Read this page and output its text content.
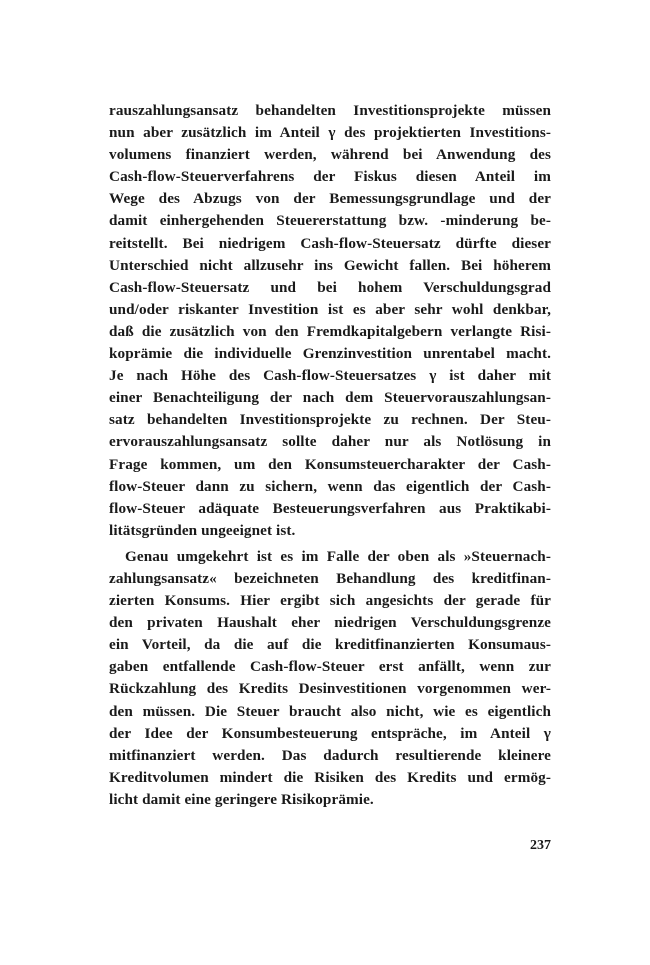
rauszahlungsansatz behandelten Investitionsprojekte müssen
nun aber zusätzlich im Anteil γ des projektierten Investitions-
volumens finanziert werden, während bei Anwendung des
Cash-flow-Steuerverfahrens der Fiskus diesen Anteil im
Wege des Abzugs von der Bemessungsgrundlage und der
damit einhergehenden Steuererstattung bzw. -minderung be-
reitstellt. Bei niedrigem Cash-flow-Steuersatz dürfte dieser
Unterschied nicht allzusehr ins Gewicht fallen. Bei höherem
Cash-flow-Steuersatz und bei hohem Verschuldungsgrad
und/oder riskanter Investition ist es aber sehr wohl denkbar,
daß die zusätzlich von den Fremdkapitalgebern verlangte Risi-
koprämie die individuelle Grenzinvestition unrentabel macht.
Je nach Höhe des Cash-flow-Steuersatzes γ ist daher mit
einer Benachteiligung der nach dem Steuervorauszahlungsan-
satz behandelten Investitionsprojekte zu rechnen. Der Steu-
ervorauszahlungsansatz sollte daher nur als Notlösung in
Frage kommen, um den Konsumsteuercharakter der Cash-
flow-Steuer dann zu sichern, wenn das eigentlich der Cash-
flow-Steuer adäquate Besteuerungsverfahren aus Praktikabi-
litätsgründen ungeeignet ist.
Genau umgekehrt ist es im Falle der oben als »Steuernach-
zahlungsansatz« bezeichneten Behandlung des kreditfinan-
zierten Konsums. Hier ergibt sich angesichts der gerade für
den privaten Haushalt eher niedrigen Verschuldungsgrenze
ein Vorteil, da die auf die kreditfinanzierten Konsumaus-
gaben entfallende Cash-flow-Steuer erst anfällt, wenn zur
Rückzahlung des Kredits Desinvestitionen vorgenommen wer-
den müssen. Die Steuer braucht also nicht, wie es eigentlich
der Idee der Konsumbesteuerung entspräche, im Anteil γ
mitfinanziert werden. Das dadurch resultierende kleinere
Kreditvolumen mindert die Risiken des Kredits und ermög-
licht damit eine geringere Risikoprämie.
237
